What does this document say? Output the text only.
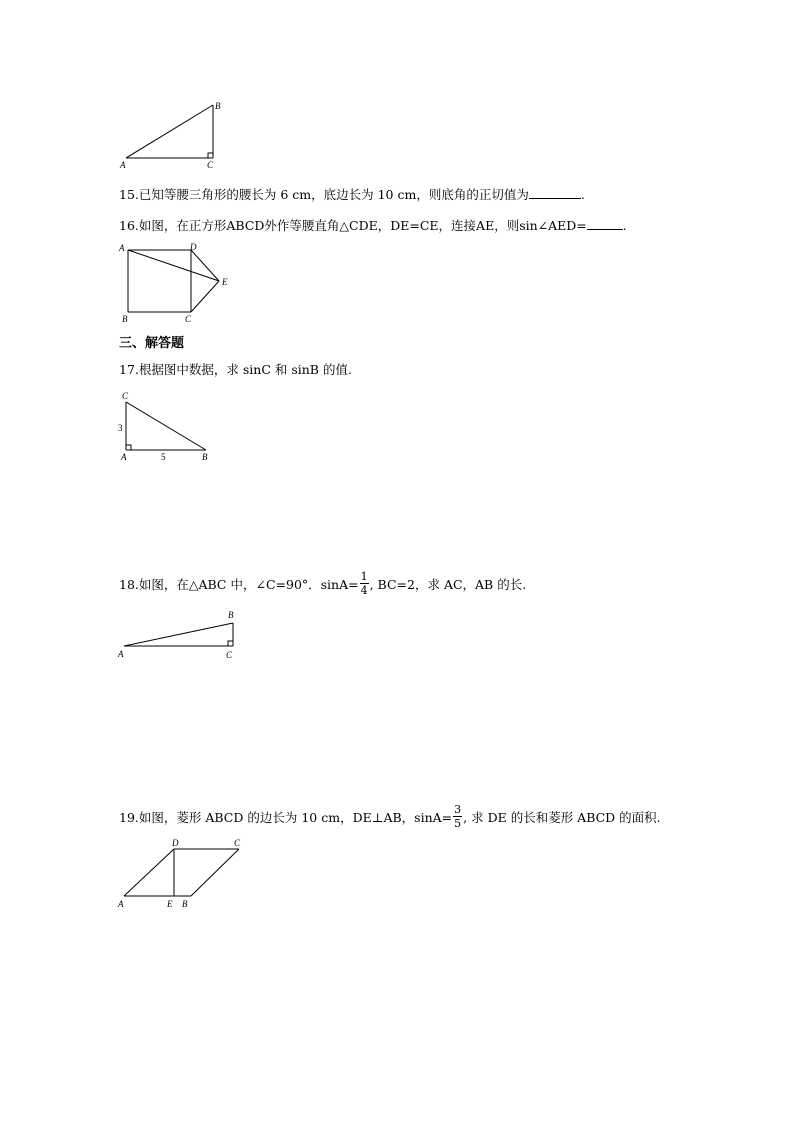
A
B
C
15.已知等腰三角形的腰长为 6 cm，底边长为 10 cm，则底角的正切值为	.
16.如图，在正方形ABCD外作等腰直角△CDE，DE=CE，连接AE，则sin∠AED=	.
A	D
E
B	C
三、解答题
17.根据图中数据，求 sinC 和 sinB 的值.
C
A	B
3
5
18.如图，在△ABC 中，∠C=90°．$\sin A= \frac{1}{4}$ , BC=2，求 AC，AB 的长.
A
B
C
19.如图，菱形 ABCD 的边长为 10 cm，DE⊥AB，$\sin A= \frac{3}{5}$ , 求 DE 的长和菱形 ABCD 的面积.
A	E B
D	C
